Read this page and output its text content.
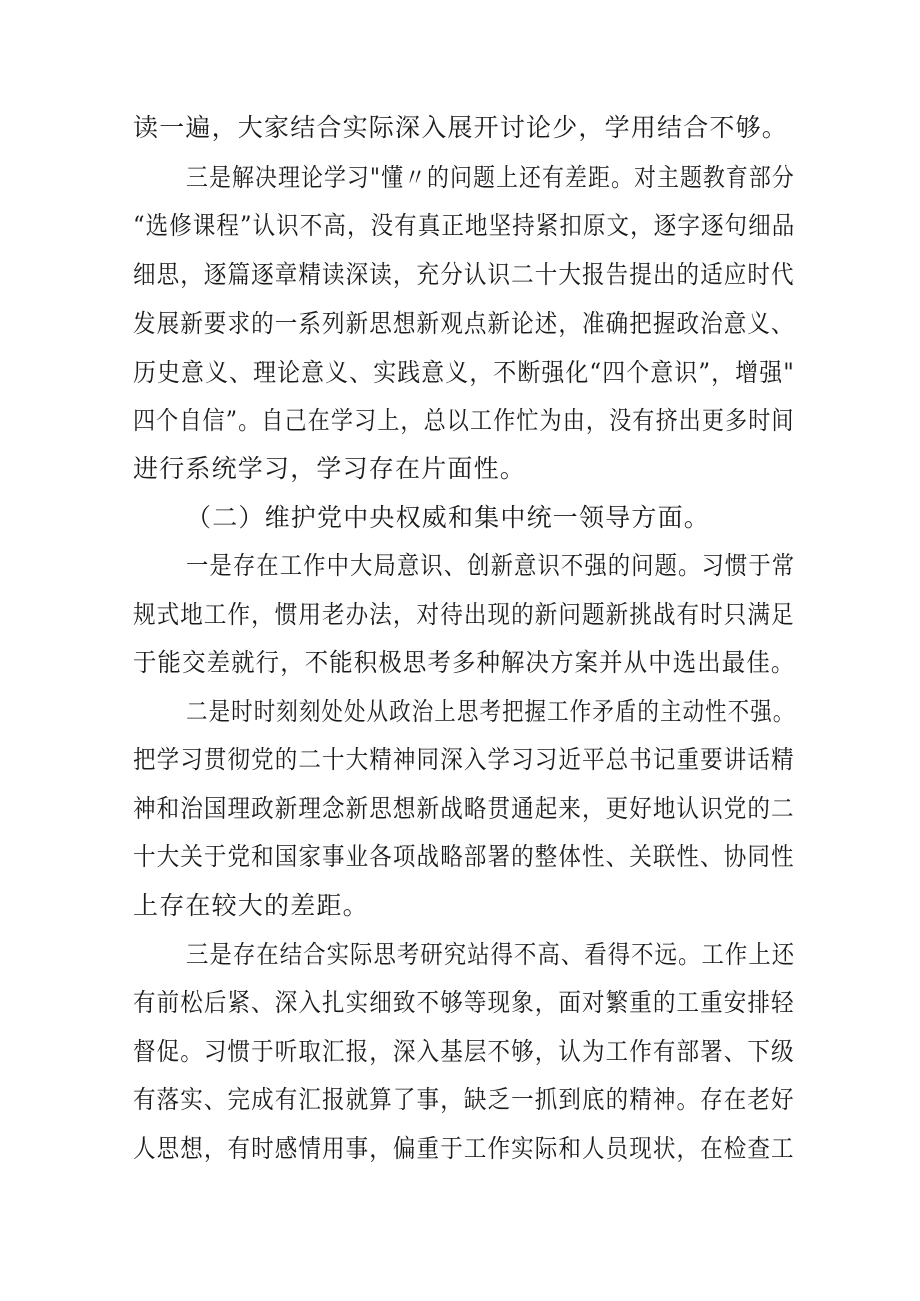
读一遍，大家结合实际深入展开讨论少，学用结合不够。
三是解决理论学习"懂〃的问题上还有差距。对主题教育部分
“选修课程”认识不高，没有真正地坚持紧扣原文，逐字逐句细品
细思，逐篇逐章精读深读，充分认识二十大报告提出的适应时代
发展新要求的一系列新思想新观点新论述，准确把握政治意义、
历史意义、理论意义、实践意义，不断强化“四个意识”，增强"
四个自信”。自己在学习上，总以工作忙为由，没有挤出更多时间
进行系统学习，学习存在片面性。
（二）维护党中央权威和集中统一领导方面。
一是存在工作中大局意识、创新意识不强的问题。习惯于常
规式地工作，惯用老办法，对待出现的新问题新挑战有时只满足
于能交差就行，不能积极思考多种解决方案并从中选出最佳。
二是时时刻刻处处从政治上思考把握工作矛盾的主动性不强。
把学习贯彻党的二十大精神同深入学习习近平总书记重要讲话精
神和治国理政新理念新思想新战略贯通起来，更好地认识党的二
十大关于党和国家事业各项战略部署的整体性、关联性、协同性
上存在较大的差距。
三是存在结合实际思考研究站得不高、看得不远。工作上还
有前松后紧、深入扎实细致不够等现象，面对繁重的工重安排轻
督促。习惯于听取汇报，深入基层不够，认为工作有部署、下级
有落实、完成有汇报就算了事，缺乏一抓到底的精神。存在老好
人思想，有时感情用事，偏重于工作实际和人员现状，在检查工
